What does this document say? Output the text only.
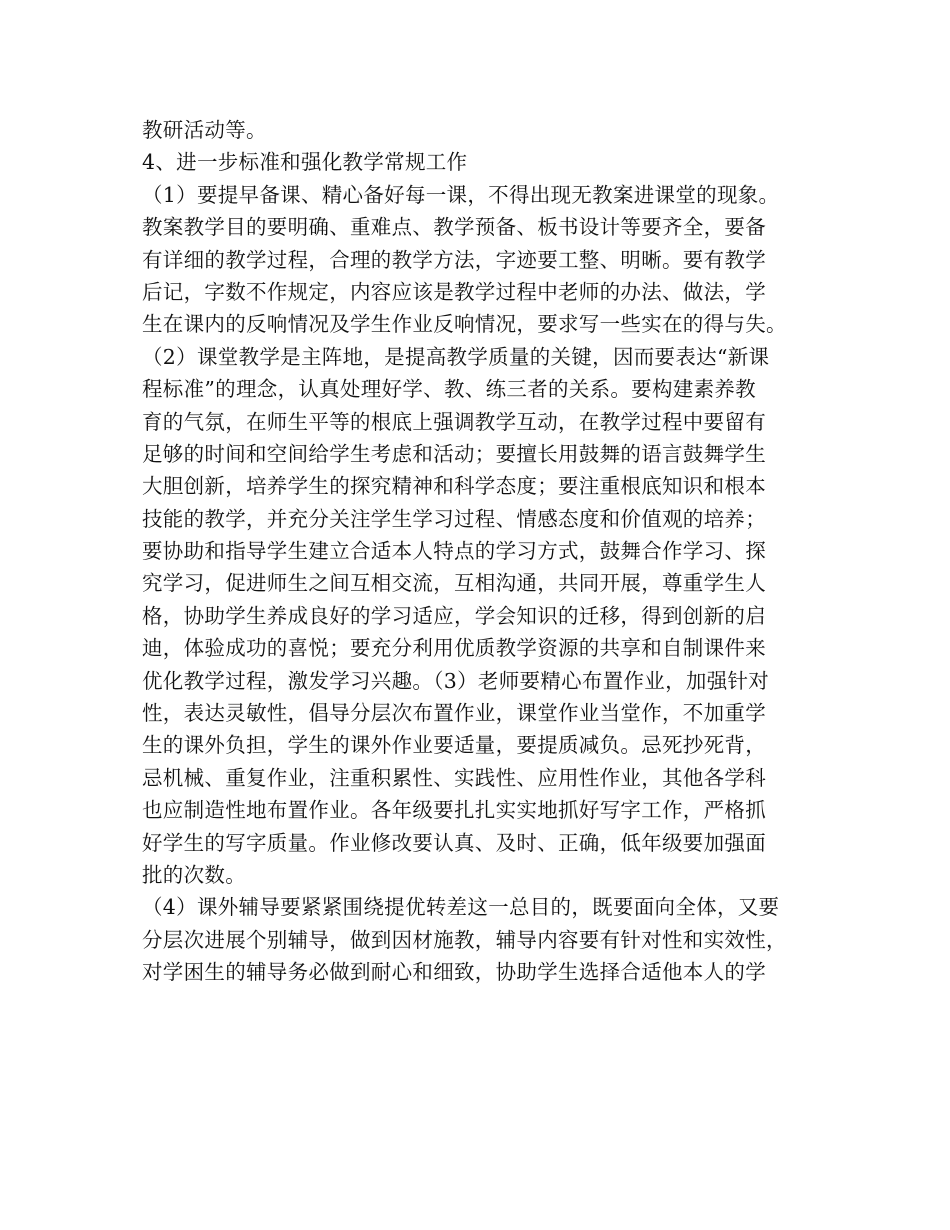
教研活动等。
4、进一步标准和强化教学常规工作
（1）要提早备课、精心备好每一课，不得出现无教案进课堂的现象。
教案教学目的要明确、重难点、教学预备、板书设计等要齐全，要备
有详细的教学过程，合理的教学方法，字迹要工整、明晰。要有教学
后记，字数不作规定，内容应该是教学过程中老师的办法、做法，学
生在课内的反响情况及学生作业反响情况，要求写一些实在的得与失。
（2）课堂教学是主阵地，是提高教学质量的关键，因而要表达“新课
程标准”的理念，认真处理好学、教、练三者的关系。要构建素养教
育的气氛，在师生平等的根底上强调教学互动，在教学过程中要留有
足够的时间和空间给学生考虑和活动；要擅长用鼓舞的语言鼓舞学生
大胆创新，培养学生的探究精神和科学态度；要注重根底知识和根本
技能的教学，并充分关注学生学习过程、情感态度和价值观的培养；
要协助和指导学生建立合适本人特点的学习方式，鼓舞合作学习、探
究学习，促进师生之间互相交流，互相沟通，共同开展，尊重学生人
格，协助学生养成良好的学习适应，学会知识的迁移，得到创新的启
迪，体验成功的喜悦；要充分利用优质教学资源的共享和自制课件来
优化教学过程，激发学习兴趣。（3）老师要精心布置作业，加强针对
性，表达灵敏性，倡导分层次布置作业，课堂作业当堂作，不加重学
生的课外负担，学生的课外作业要适量，要提质减负。忌死抄死背，
忌机械、重复作业，注重积累性、实践性、应用性作业，其他各学科
也应制造性地布置作业。各年级要扎扎实实地抓好写字工作，严格抓
好学生的写字质量。作业修改要认真、及时、正确，低年级要加强面
批的次数。
（4）课外辅导要紧紧围绕提优转差这一总目的，既要面向全体，又要
分层次进展个别辅导，做到因材施教，辅导内容要有针对性和实效性，
对学困生的辅导务必做到耐心和细致，协助学生选择合适他本人的学
